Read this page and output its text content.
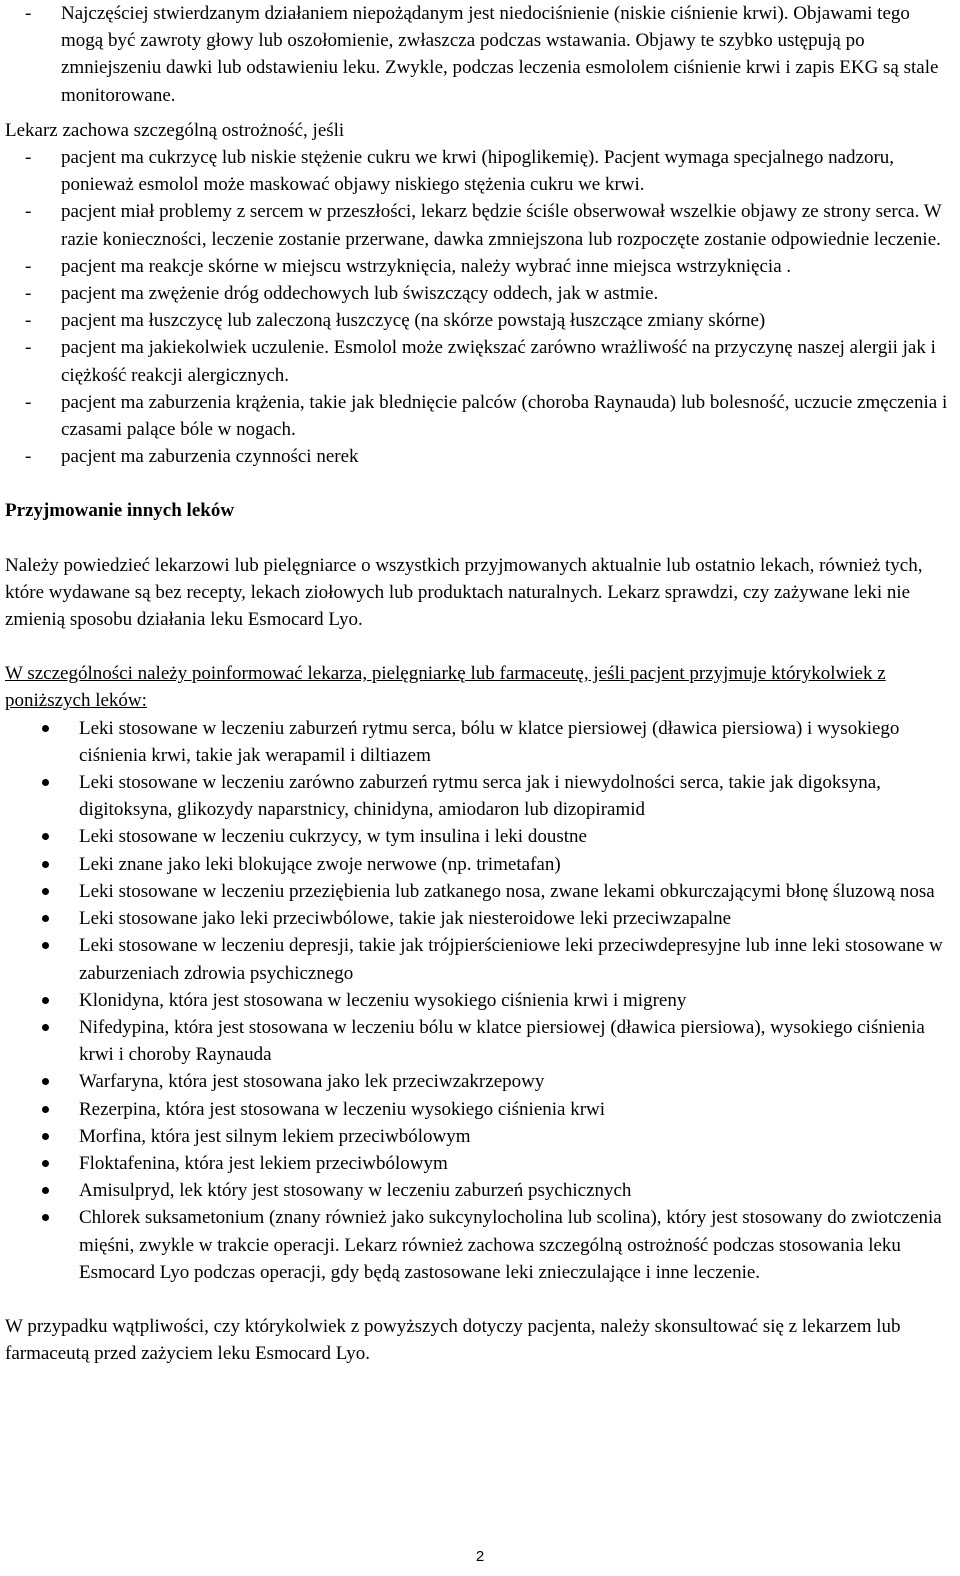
- Najczęściej stwierdzanym działaniem niepożądanym jest niedociśnienie (niskie ciśnienie krwi). Objawami tego mogą być zawroty głowy lub oszołomienie, zwłaszcza podczas wstawania. Objawy te szybko ustępują po zmniejszeniu dawki lub odstawieniu leku. Zwykle, podczas leczenia esmololem ciśnienie krwi i zapis EKG są stale monitorowane.

Lekarz zachowa szczególną ostrożność, jeśli

- pacjent ma cukrzycę lub niskie stężenie cukru we krwi (hipoglikemię). Pacjent wymaga specjalnego nadzoru, ponieważ esmolol może maskować objawy niskiego stężenia cukru we krwi.
- pacjent miał problemy z sercem w przeszłości, lekarz będzie ściśle obserwował wszelkie objawy ze strony serca. W razie konieczności, leczenie zostanie przerwane, dawka zmniejszona lub rozpoczęte zostanie odpowiednie leczenie.
- pacjent ma reakcje skórne w miejscu wstrzyknięcia, należy wybrać inne miejsca wstrzyknięcia .
- pacjent ma zwężenie dróg oddechowych lub świszczący oddech, jak w astmie.
- pacjent ma łuszczycę lub zaleczoną łuszczycę (na skórze powstają łuszczące zmiany skórne)
- pacjent ma jakiekolwiek uczulenie. Esmolol może zwiększać zarówno wrażliwość na przyczynę naszej alergii jak i ciężkość reakcji alergicznych.
- pacjent ma zaburzenia krążenia, takie jak blednięcie palców (choroba Raynauda) lub bolesność, uczucie zmęczenia i czasami palące bóle w nogach.
- pacjent ma zaburzenia czynności nerek

Przyjmowanie innych leków

Należy powiedzieć lekarzowi lub pielęgniarce o wszystkich przyjmowanych aktualnie lub ostatnio lekach, również tych, które wydawane są bez recepty, lekach ziołowych lub produktach naturalnych. Lekarz sprawdzi, czy zażywane leki nie zmienią sposobu działania leku Esmocard Lyo.

W szczególności należy poinformować lekarza, pielęgniarkę lub farmaceutę, jeśli pacjent przyjmuje którykolwiek z poniższych leków:

Leki stosowane w leczeniu zaburzeń rytmu serca, bólu w klatce piersiowej (dławica piersiowa) i wysokiego ciśnienia krwi, takie jak werapamil i diltiazem
Leki stosowane w leczeniu zarówno zaburzeń rytmu serca jak i niewydolności serca, takie jak digoksyna, digitoksyna, glikozydy naparstnicy, chinidyna, amiodaron lub dizopiramid
Leki stosowane w leczeniu cukrzycy, w tym insulina i leki doustne
Leki znane jako leki blokujące zwoje nerwowe (np. trimetafan)
Leki stosowane w leczeniu przeziębienia lub zatkanego nosa, zwane lekami obkurczającymi błonę śluzową nosa
Leki stosowane jako leki przeciwbólowe, takie jak niesteroidowe leki przeciwzapalne
Leki stosowane w leczeniu depresji, takie jak trójpierścieniowe leki przeciwdepresyjne lub inne leki stosowane w zaburzeniach zdrowia psychicznego
Klonidyna, która jest stosowana w leczeniu wysokiego ciśnienia krwi i migreny
Nifedypina, która jest stosowana w leczeniu bólu w klatce piersiowej (dławica piersiowa), wysokiego ciśnienia krwi i choroby Raynauda
Warfaryna, która jest stosowana jako lek przeciwzakrzepowy
Rezerpina, która jest stosowana w leczeniu wysokiego ciśnienia krwi
Morfina, która jest silnym lekiem przeciwbólowym
Floktafenina, która jest lekiem przeciwbólowym
Amisulpryd, lek który jest stosowany w leczeniu zaburzeń psychicznych
Chlorek suksametonium (znany również jako sukcynylocholina lub scolina), który jest stosowany do zwiotczenia mięśni, zwykle w trakcie operacji. Lekarz również zachowa szczególną ostrożność podczas stosowania leku Esmocard Lyo podczas operacji, gdy będą zastosowane leki znieczulające i inne leczenie.

W przypadku wątpliwości, czy którykolwiek z powyższych dotyczy pacjenta, należy skonsultować się z lekarzem lub farmaceutą przed zażyciem leku Esmocard Lyo.

2
